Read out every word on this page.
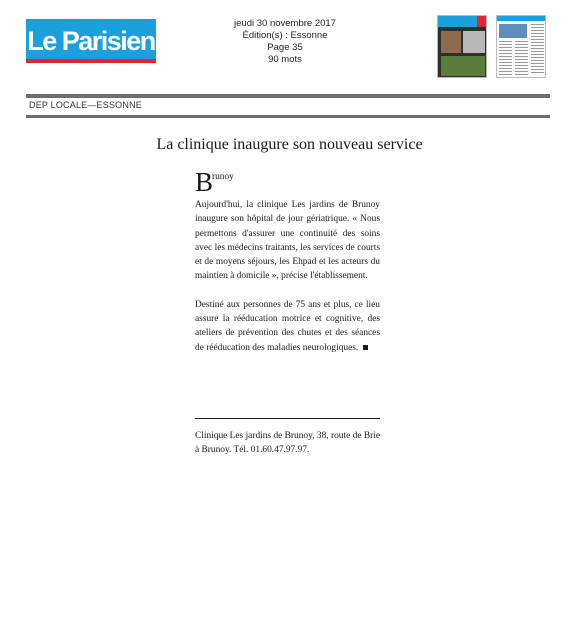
Le Parisien
jeudi 30 novembre 2017
Édition(s) : Essonne
Page 35
90 mots
DEP LOCALE—ESSONNE
La clinique inaugure son nouveau service
B
runoy

Aujourd'hui, la clinique Les jardins de Brunoy inaugure son hôpital de jour gériatrique. « Nous permettons d'assurer une continuité des soins avec les médecins traitants, les services de courts et de moyens séjours, les Ehpad et les acteurs du maintien à domicile », précise l'établissement.

Destiné aux personnes de 75 ans et plus, ce lieu assure la rééducation motrice et cognitive, des ateliers de prévention des chutes et des séances de rééducation des maladies neurologiques.

Clinique Les jardins de Brunoy, 38, route de Brie à Brunoy. Tél. 01.60.47.97.97.
